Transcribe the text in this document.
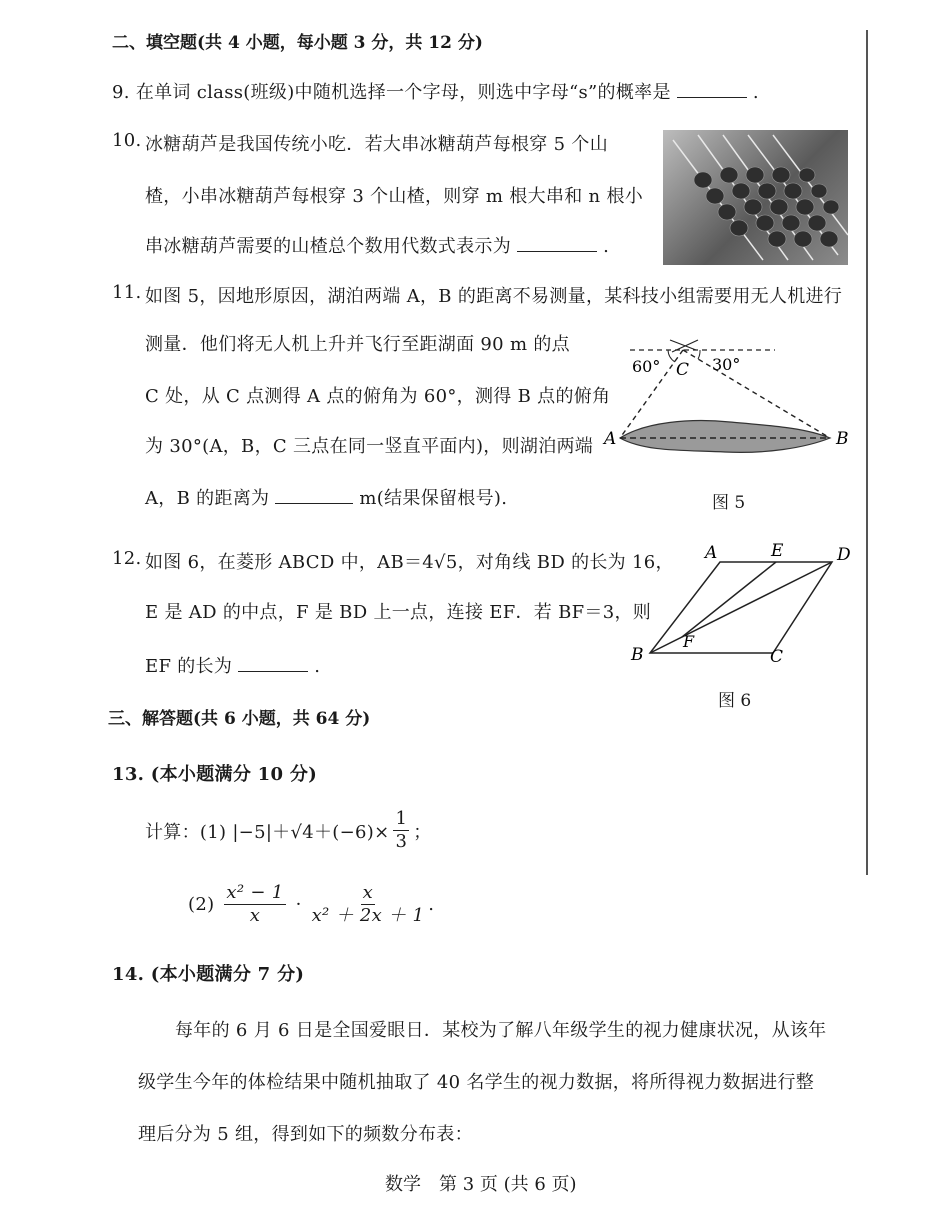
二、填空题(共 4 小题，每小题 3 分，共 12 分)
9. 在单词 class(班级)中随机选择一个字母，则选中字母“s”的概率是	.
10. 冰糖葫芦是我国传统小吃．若大串冰糖葫芦每根穿 5 个山
楂，小串冰糖葫芦每根穿 3 个山楂，则穿 m 根大串和 n 根小
串冰糖葫芦需要的山楂总个数用代数式表示为	.
11. 如图 5，因地形原因，湖泊两端 A，B 的距离不易测量，某科技小组需要用无人机进行
测量．他们将无人机上升并飞行至距湖面 90 m 的点
C 处，从 C 点测得 A 点的俯角为 60°，测得 B 点的俯角
为 30°(A，B，C 三点在同一竖直平面内)，则湖泊两端
A，B 的距离为	m(结果保留根号).
60° C 30°
A	B
图 5
12. 如图 6，在菱形 ABCD 中，AB＝4√5，对角线 BD 的长为 16，
E 是 AD 的中点，F 是 BD 上一点，连接 EF．若 BF＝3，则
EF 的长为	.
A	E	D
B
F
C
图 6
三、解答题(共 6 小题，共 64 分)
13. (本小题满分 10 分)
计算：(1) $|-5|+√4+(-6)\times \frac{1}{3}$ ；
$(2) \frac{\text{x² − 1}}{x} \cdot \frac{x}{\text{x² ＋ 2x ＋ 1}}$ .
14. (本小题满分 7 分)
每年的 6 月 6 日是全国爱眼日．某校为了解八年级学生的视力健康状况，从该年
级学生今年的体检结果中随机抽取了 40 名学生的视力数据，将所得视力数据进行整
理后分为 5 组，得到如下的频数分布表：
数学　第 3 页 (共 6 页)
